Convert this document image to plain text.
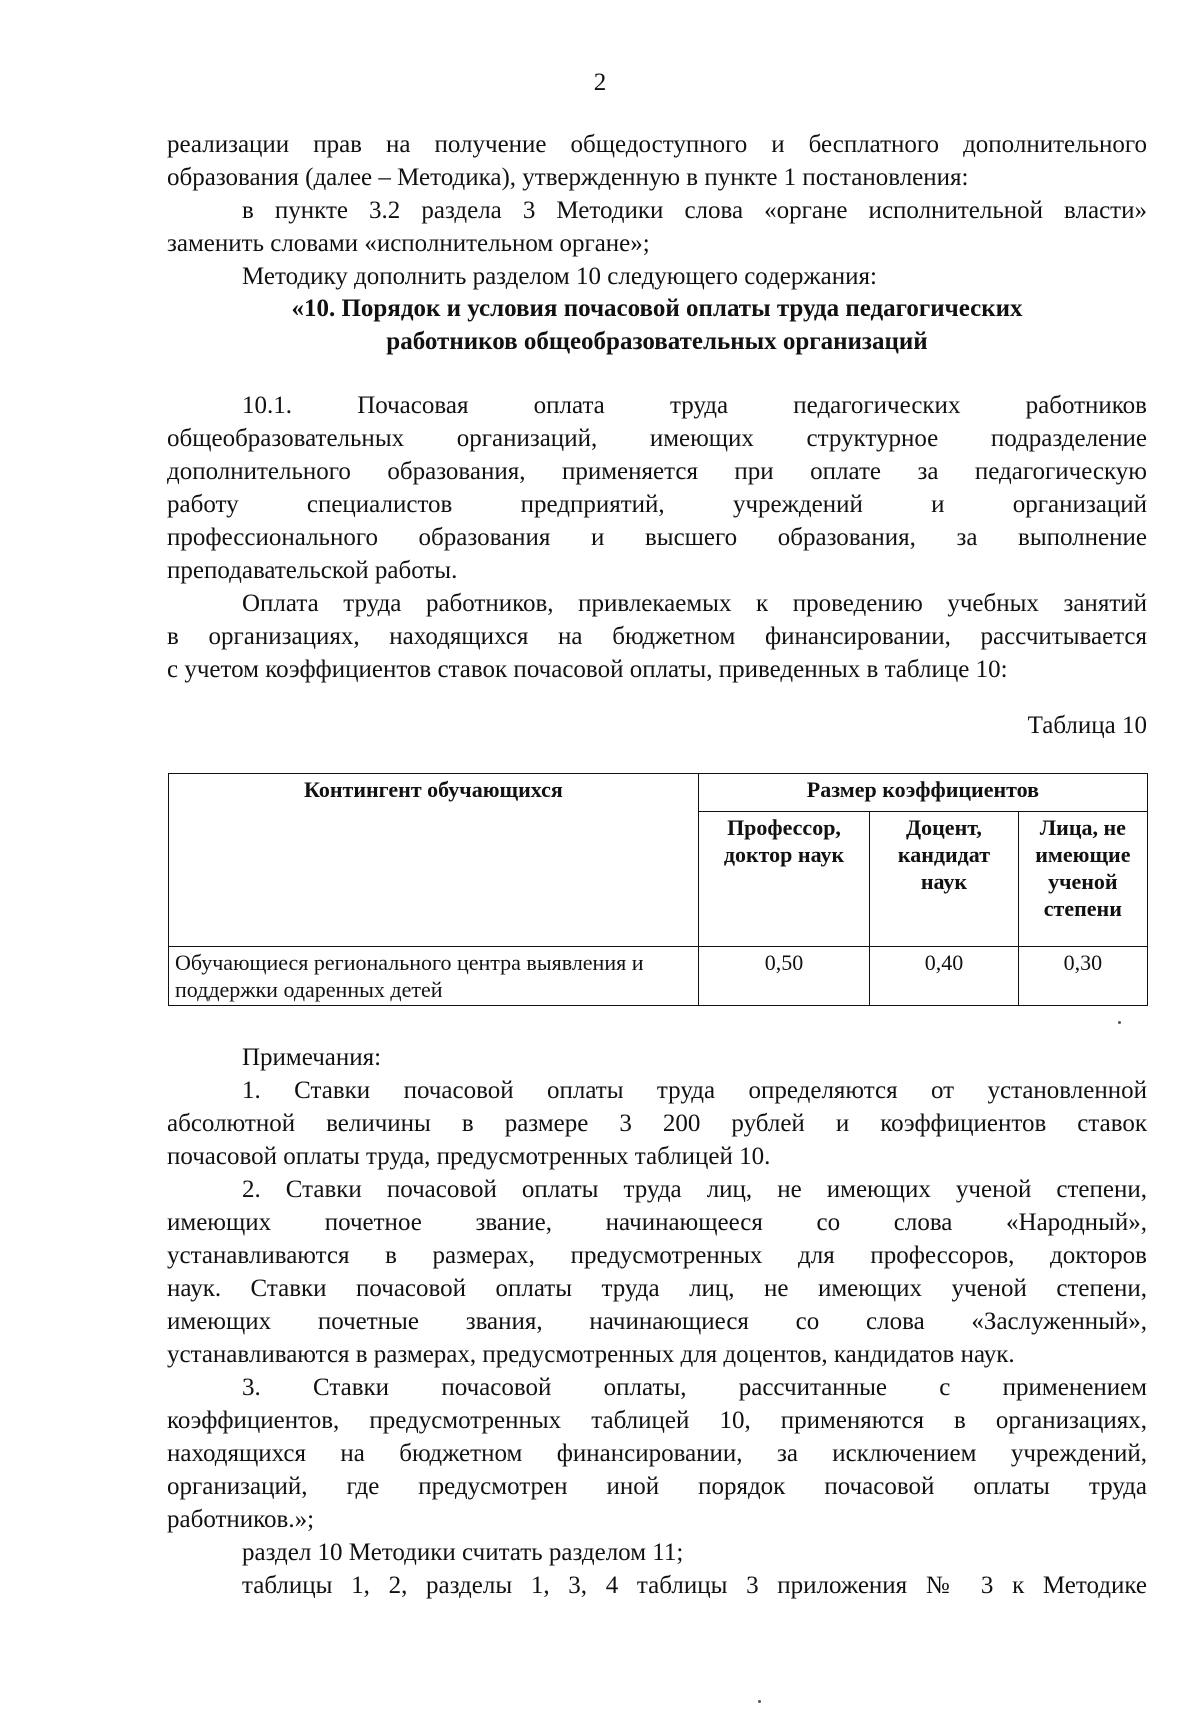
2
реализации прав на получение общедоступного и бесплатного дополнительного
образования (далее – Методика), утвержденную в пункте 1 постановления:
в пункте 3.2 раздела 3 Методики слова «органе исполнительной власти»
заменить словами «исполнительном органе»;
Методику дополнить разделом 10 следующего содержания:
«10. Порядок и условия почасовой оплаты труда педагогических
работников общеобразовательных организаций
10.1. Почасовая оплата труда педагогических работников
общеобразовательных организаций, имеющих структурное подразделение
дополнительного образования, применяется при оплате за педагогическую
работу специалистов предприятий, учреждений и организаций
профессионального образования и высшего образования, за выполнение
преподавательской работы.
Оплата труда работников, привлекаемых к проведению учебных занятий
в организациях, находящихся на бюджетном финансировании, рассчитывается
с учетом коэффициентов ставок почасовой оплаты, приведенных в таблице 10:
Таблица 10
Контингент обучающихся	Размер коэффициентов		
	Профессор, доктор наук	Доцент, кандидат наук	Лица, не имеющие ученой степени
Обучающиеся регионального центра выявления и поддержки одаренных детей	0,50	0,40	0,30
Примечания:
1. Ставки почасовой оплаты труда определяются от установленной
абсолютной величины в размере 3 200 рублей и коэффициентов ставок
почасовой оплаты труда, предусмотренных таблицей 10.
2. Ставки почасовой оплаты труда лиц, не имеющих ученой степени,
имеющих почетное звание, начинающееся со слова «Народный»,
устанавливаются в размерах, предусмотренных для профессоров, докторов
наук. Ставки почасовой оплаты труда лиц, не имеющих ученой степени,
имеющих почетные звания, начинающиеся со слова «Заслуженный»,
устанавливаются в размерах, предусмотренных для доцентов, кандидатов наук.
3. Ставки почасовой оплаты, рассчитанные с применением
коэффициентов, предусмотренных таблицей 10, применяются в организациях,
находящихся на бюджетном финансировании, за исключением учреждений,
организаций, где предусмотрен иной порядок почасовой оплаты труда
работников.»;
раздел 10 Методики считать разделом 11;
таблицы 1, 2, разделы 1, 3, 4 таблицы 3 приложения № 3 к Методике
